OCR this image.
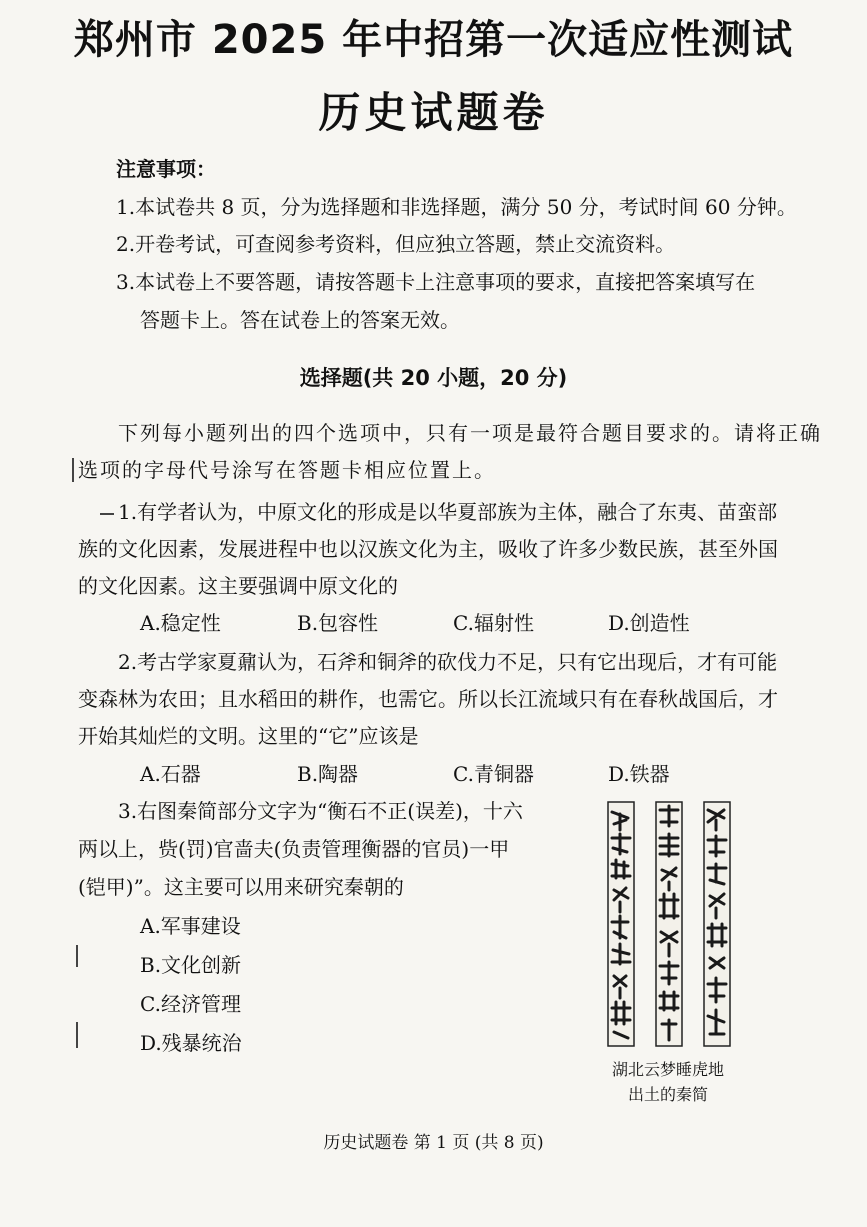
郑州市 2025 年中招第一次适应性测试
历史试题卷
注意事项：
1.本试卷共 8 页，分为选择题和非选择题，满分 50 分，考试时间 60 分钟。
2.开卷考试，可查阅参考资料，但应独立答题，禁止交流资料。
3.本试卷上不要答题，请按答题卡上注意事项的要求，直接把答案填写在
答题卡上。答在试卷上的答案无效。
选择题(共 20 小题，20 分)
下列每小题列出的四个选项中，只有一项是最符合题目要求的。请将正确
选项的字母代号涂写在答题卡相应位置上。
1.有学者认为，中原文化的形成是以华夏部族为主体，融合了东夷、苗蛮部
族的文化因素，发展进程中也以汉族文化为主，吸收了许多少数民族，甚至外国
的文化因素。这主要强调中原文化的
A.稳定性	B.包容性	C.辐射性	D.创造性
2.考古学家夏鼐认为，石斧和铜斧的砍伐力不足，只有它出现后，才有可能
变森林为农田；且水稻田的耕作，也需它。所以长江流域只有在春秋战国后，才
开始其灿烂的文明。这里的“它”应该是
A.石器	B.陶器	C.青铜器	D.铁器
3.右图秦简部分文字为“衡石不正(误差)，十六
两以上，赀(罚)官啬夫(负责管理衡器的官员)一甲
(铠甲)”。这主要可以用来研究秦朝的
A.军事建设
B.文化创新
C.经济管理
D.残暴统治
湖北云梦睡虎地
出土的秦简
历史试题卷 第 1 页 (共 8 页)
